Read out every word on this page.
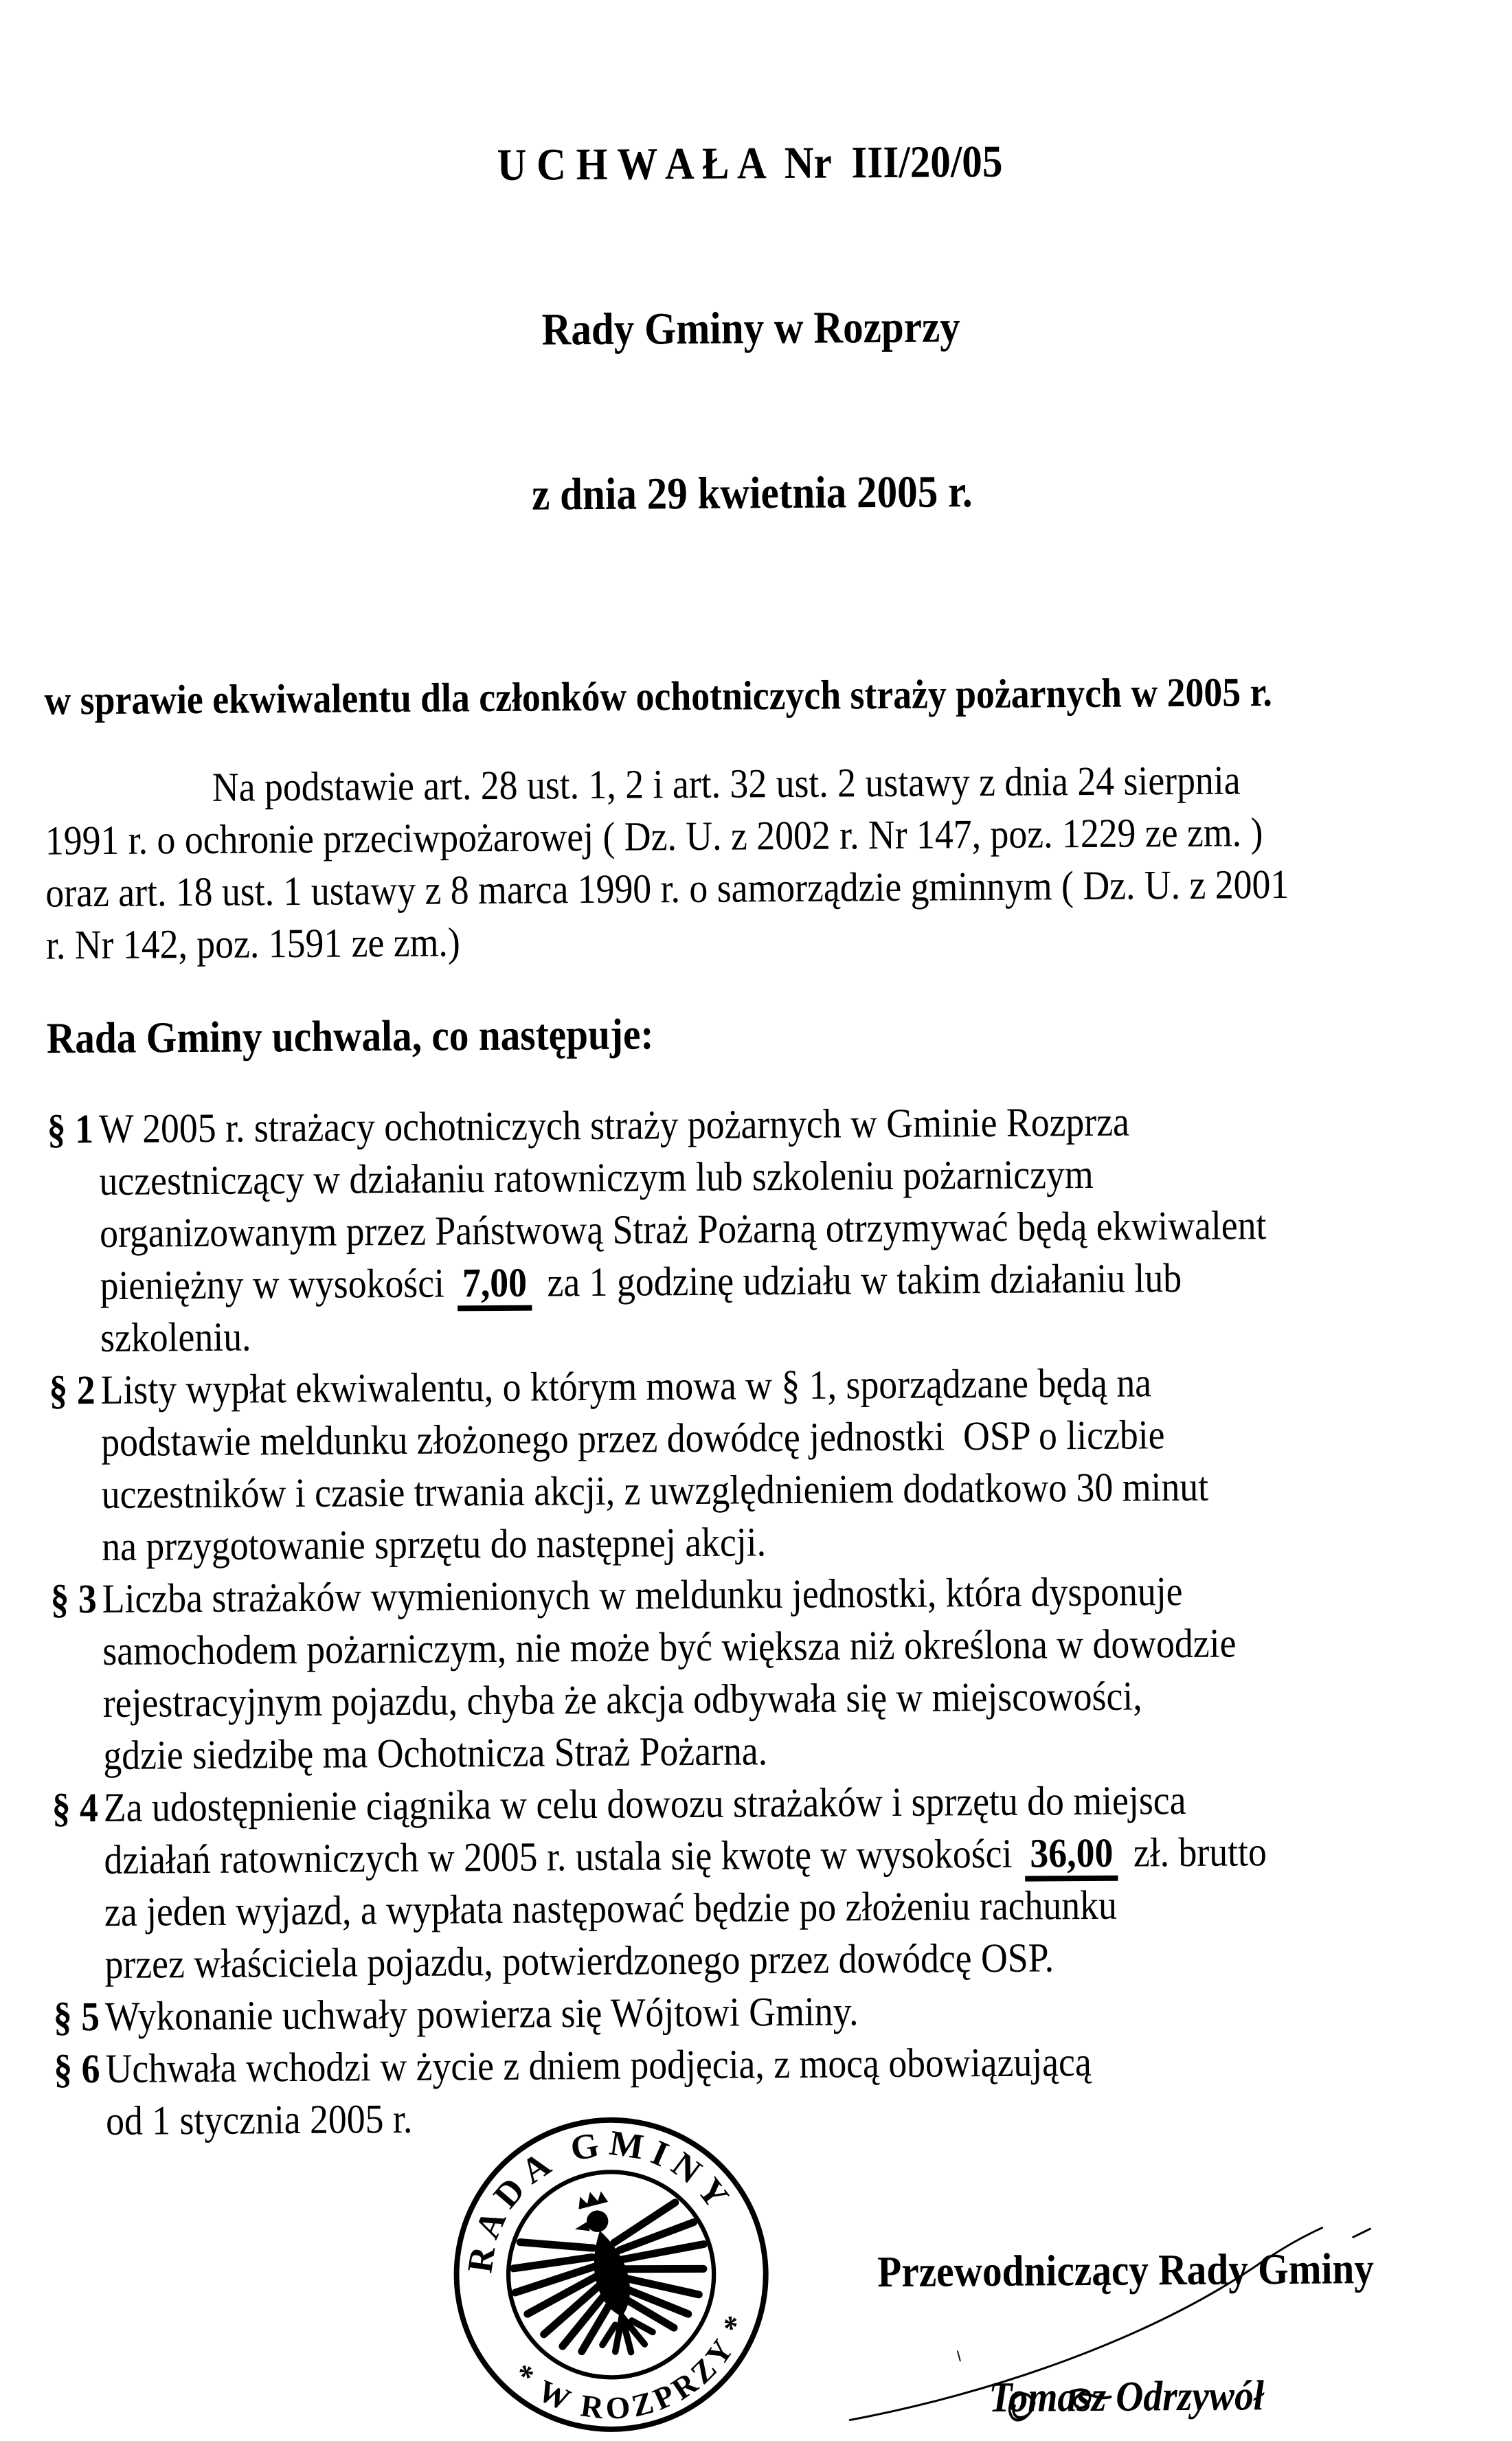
U C H W A Ł A  Nr  III/20/05

Rady Gminy w Rozprzy

z dnia 29 kwietnia 2005 r.

w sprawie ekwiwalentu dla członków ochotniczych straży pożarnych w 2005 r.
Na podstawie art. 28 ust. 1, 2 i art. 32 ust. 2 ustawy z dnia 24 sierpnia
1991 r. o ochronie przeciwpożarowej ( Dz. U. z 2002 r. Nr 147, poz. 1229 ze zm. )
oraz art. 18 ust. 1 ustawy z 8 marca 1990 r. o samorządzie gminnym ( Dz. U. z 2001
r. Nr 142, poz. 1591 ze zm.)
Rada Gminy uchwala, co następuje:
§ 1 W 2005 r. strażacy ochotniczych straży pożarnych w Gminie Rozprza
uczestniczący w działaniu ratowniczym lub szkoleniu pożarniczym
organizowanym przez Państwową Straż Pożarną otrzymywać będą ekwiwalent
pieniężny w wysokości 7,00 za 1 godzinę udziału w takim działaniu lub
szkoleniu.
§ 2 Listy wypłat ekwiwalentu, o którym mowa w § 1, sporządzane będą na
podstawie meldunku złożonego przez dowódcę jednostki  OSP o liczbie
uczestników i czasie trwania akcji, z uwzględnieniem dodatkowo 30 minut
na przygotowanie sprzętu do następnej akcji.
§ 3 Liczba strażaków wymienionych w meldunku jednostki, która dysponuje
samochodem pożarniczym, nie może być większa niż określona w dowodzie
rejestracyjnym pojazdu, chyba że akcja odbywała się w miejscowości,
gdzie siedzibę ma Ochotnicza Straż Pożarna.
§ 4 Za udostępnienie ciągnika w celu dowozu strażaków i sprzętu do miejsca
działań ratowniczych w 2005 r. ustala się kwotę w wysokości 36,00 zł. brutto
za jeden wyjazd, a wypłata następować będzie po złożeniu rachunku
przez właściciela pojazdu, potwierdzonego przez dowódcę OSP.
§ 5 Wykonanie uchwały powierza się Wójtowi Gminy.
§ 6 Uchwała wchodzi w życie z dniem podjęcia, z mocą obowiązującą
od 1 stycznia 2005 r.
RADA GMINY
* W ROZPRZY *
Przewodniczący Rady Gminy
Tomasz Odrzywół
